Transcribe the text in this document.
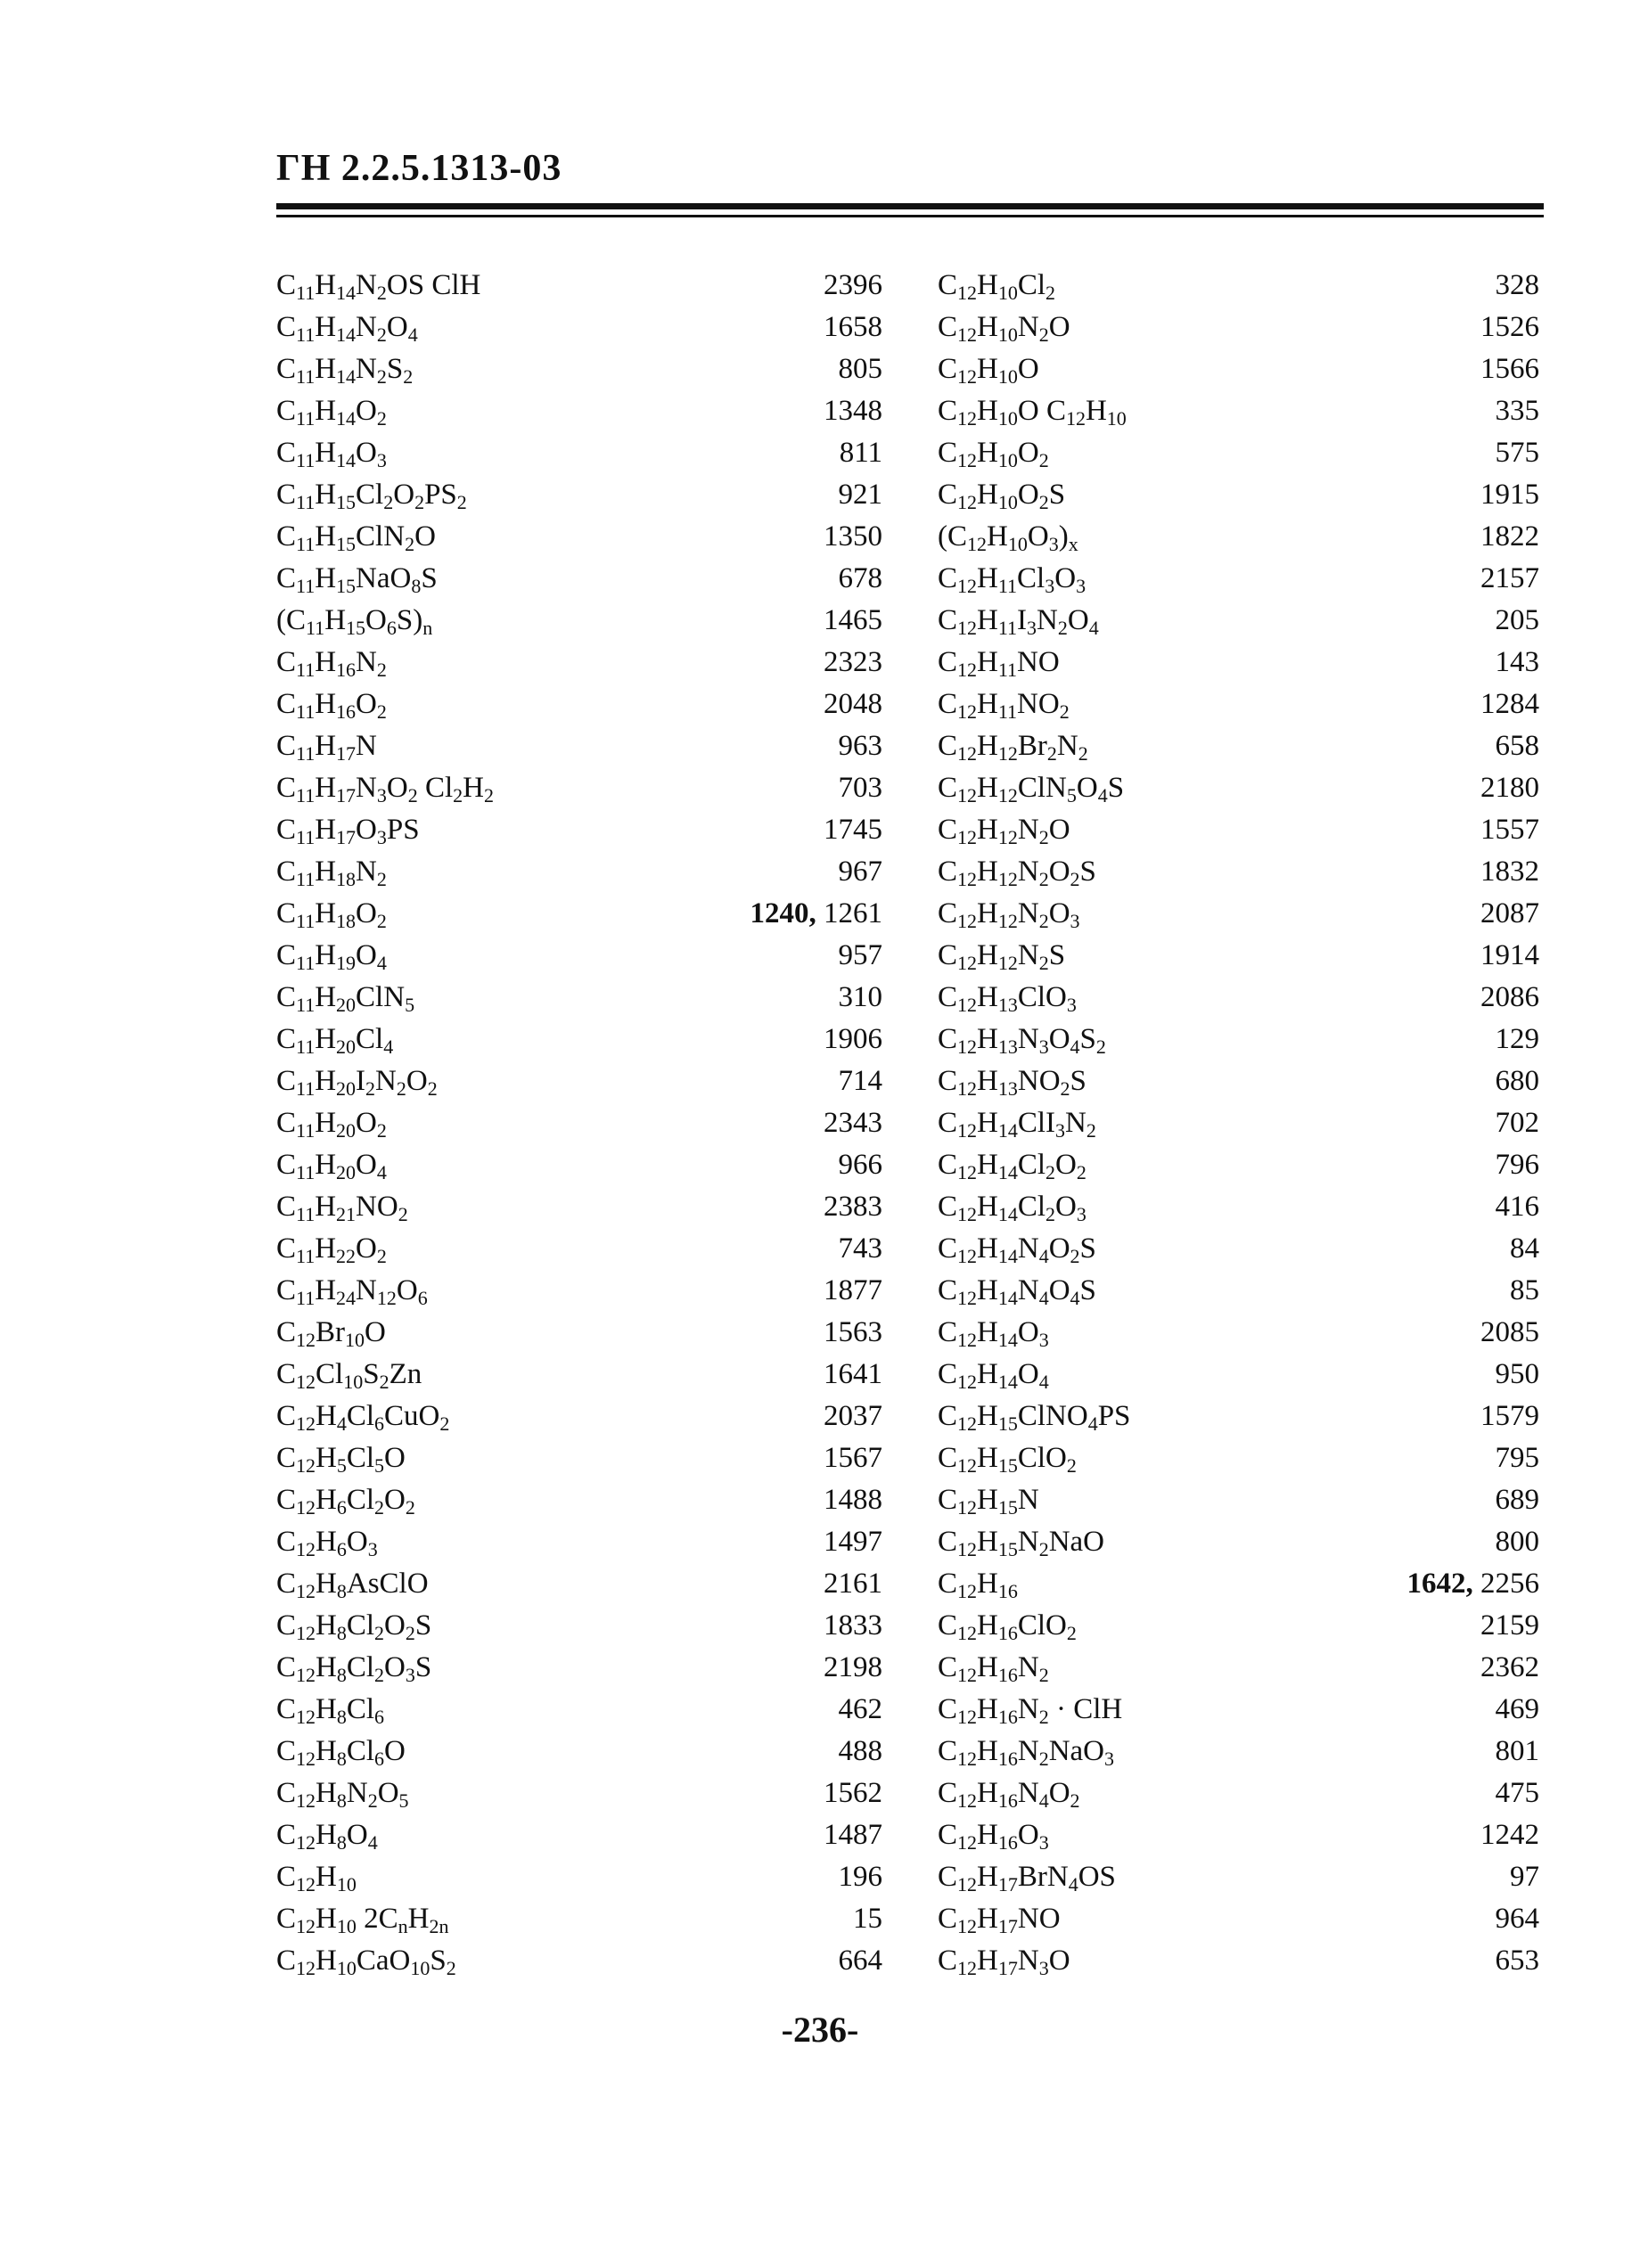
ГН 2.2.5.1313-03
$C_{11}H_{14}N_2OS$ ClH	2396
$C_{11}H_{14}N_2O_4$	1658
$C_{11}H_{14}N_2S_2$	805
$C_{11}H_{14}O_2$	1348
$C_{11}H_{14}O_3$	811
$C_{11}H_{15}Cl_2O_2PS_2$	921
$C_{11}H_{15}ClN_2O$	1350
$C_{11}H_{15}NaO_8S$	678
$(C_{11}H_{15}O_6S)_n$	1465
$C_{11}H_{16}N_2$	2323
$C_{11}H_{16}O_2$	2048
$C_{11}H_{17}N$	963
$C_{11}H_{17}N_3O_2$ $Cl_2H_2$	703
$C_{11}H_{17}O_3PS$	1745
$C_{11}H_{18}N_2$	967
$C_{11}H_{18}O_2$	1240, 1261
$C_{11}H_{19}O_4$	957
$C_{11}H_{20}ClN_5$	310
$C_{11}H_{20}Cl_4$	1906
$C_{11}H_{20}I_2N_2O_2$	714
$C_{11}H_{20}O_2$	2343
$C_{11}H_{20}O_4$	966
$C_{11}H_{21}NO_2$	2383
$C_{11}H_{22}O_2$	743
$C_{11}H_{24}N_{12}O_6$	1877
$C_{12}Br_{10}O$	1563
$C_{12}Cl_{10}S_2Zn$	1641
$C_{12}H_4Cl_6CuO_2$	2037
$C_{12}H_5Cl_5O$	1567
$C_{12}H_6Cl_2O_2$	1488
$C_{12}H_6O_3$	1497
$C_{12}H_8AsClO$	2161
$C_{12}H_8Cl_2O_2S$	1833
$C_{12}H_8Cl_2O_3S$	2198
$C_{12}H_8Cl_6$	462
$C_{12}H_8Cl_6O$	488
$C_{12}H_8N_2O_5$	1562
$C_{12}H_8O_4$	1487
$C_{12}H_{10}$	196
$C_{12}H_{10}$ $2C_nH_{2n}$	15
$C_{12}H_{10}CaO_{10}S_2$	664
$C_{12}H_{10}Cl_2$	328
$C_{12}H_{10}N_2O$	1526
$C_{12}H_{10}O$	1566
$C_{12}H_{10}O$ $C_{12}H_{10}$	335
$C_{12}H_{10}O_2$	575
$C_{12}H_{10}O_2S$	1915
$(C_{12}H_{10}O_3)_x$	1822
$C_{12}H_{11}Cl_3O_3$	2157
$C_{12}H_{11}I_3N_2O_4$	205
$C_{12}H_{11}NO$	143
$C_{12}H_{11}NO_2$	1284
$C_{12}H_{12}Br_2N_2$	658
$C_{12}H_{12}ClN_5O_4S$	2180
$C_{12}H_{12}N_2O$	1557
$C_{12}H_{12}N_2O_2S$	1832
$C_{12}H_{12}N_2O_3$	2087
$C_{12}H_{12}N_2S$	1914
$C_{12}H_{13}ClO_3$	2086
$C_{12}H_{13}N_3O_4S_2$	129
$C_{12}H_{13}NO_2S$	680
$C_{12}H_{14}ClI_3N_2$	702
$C_{12}H_{14}Cl_2O_2$	796
$C_{12}H_{14}Cl_2O_3$	416
$C_{12}H_{14}N_4O_2S$	84
$C_{12}H_{14}N_4O_4S$	85
$C_{12}H_{14}O_3$	2085
$C_{12}H_{14}O_4$	950
$C_{12}H_{15}ClNO_4PS$	1579
$C_{12}H_{15}ClO_2$	795
$C_{12}H_{15}N$	689
$C_{12}H_{15}N_2NaO$	800
$C_{12}H_{16}$	1642, 2256
$C_{12}H_{16}ClO_2$	2159
$C_{12}H_{16}N_2$	2362
$C_{12}H_{16}N_2$ · ClH	469
$C_{12}H_{16}N_2NaO_3$	801
$C_{12}H_{16}N_4O_2$	475
$C_{12}H_{16}O_3$	1242
$C_{12}H_{17}BrN_4OS$	97
$C_{12}H_{17}NO$	964
$C_{12}H_{17}N_3O$	653
-236-
